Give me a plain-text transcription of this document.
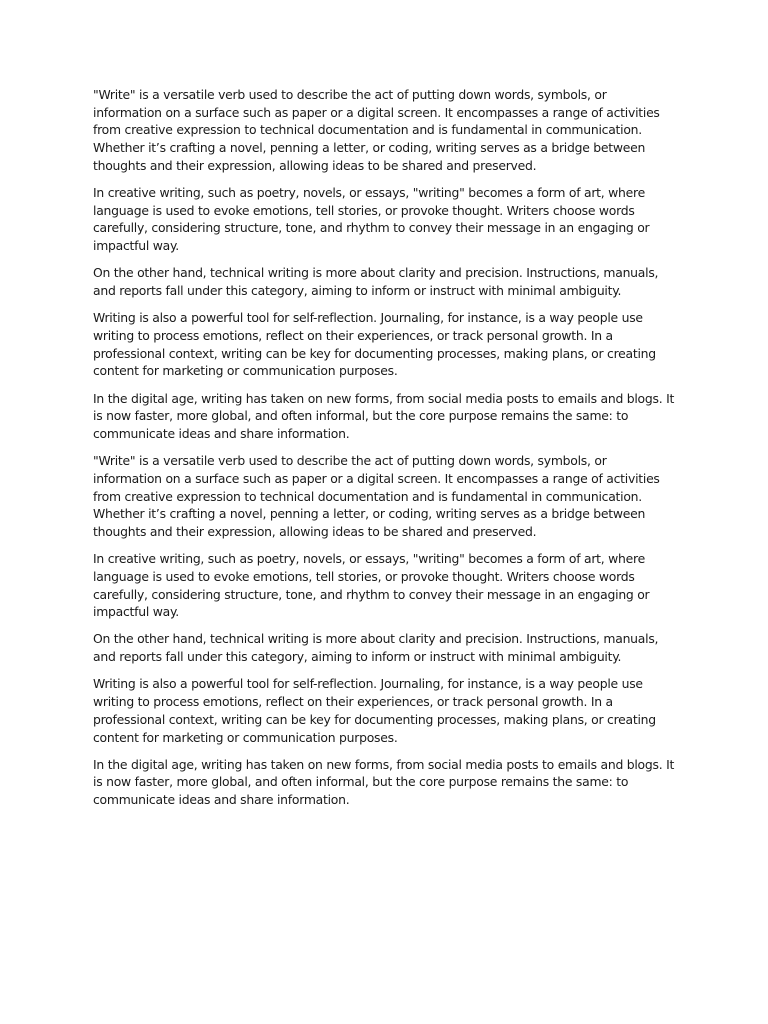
"Write" is a versatile verb used to describe the act of putting down words, symbols, or information on a surface such as paper or a digital screen. It encompasses a range of activities from creative expression to technical documentation and is fundamental in communication. Whether it’s crafting a novel, penning a letter, or coding, writing serves as a bridge between thoughts and their expression, allowing ideas to be shared and preserved.

In creative writing, such as poetry, novels, or essays, "writing" becomes a form of art, where language is used to evoke emotions, tell stories, or provoke thought. Writers choose words carefully, considering structure, tone, and rhythm to convey their message in an engaging or impactful way.

On the other hand, technical writing is more about clarity and precision. Instructions, manuals, and reports fall under this category, aiming to inform or instruct with minimal ambiguity.

Writing is also a powerful tool for self-reflection. Journaling, for instance, is a way people use writing to process emotions, reflect on their experiences, or track personal growth. In a professional context, writing can be key for documenting processes, making plans, or creating content for marketing or communication purposes.

In the digital age, writing has taken on new forms, from social media posts to emails and blogs. It is now faster, more global, and often informal, but the core purpose remains the same: to communicate ideas and share information.

"Write" is a versatile verb used to describe the act of putting down words, symbols, or information on a surface such as paper or a digital screen. It encompasses a range of activities from creative expression to technical documentation and is fundamental in communication. Whether it’s crafting a novel, penning a letter, or coding, writing serves as a bridge between thoughts and their expression, allowing ideas to be shared and preserved.

In creative writing, such as poetry, novels, or essays, "writing" becomes a form of art, where language is used to evoke emotions, tell stories, or provoke thought. Writers choose words carefully, considering structure, tone, and rhythm to convey their message in an engaging or impactful way.

On the other hand, technical writing is more about clarity and precision. Instructions, manuals, and reports fall under this category, aiming to inform or instruct with minimal ambiguity.

Writing is also a powerful tool for self-reflection. Journaling, for instance, is a way people use writing to process emotions, reflect on their experiences, or track personal growth. In a professional context, writing can be key for documenting processes, making plans, or creating content for marketing or communication purposes.

In the digital age, writing has taken on new forms, from social media posts to emails and blogs. It is now faster, more global, and often informal, but the core purpose remains the same: to communicate ideas and share information.
